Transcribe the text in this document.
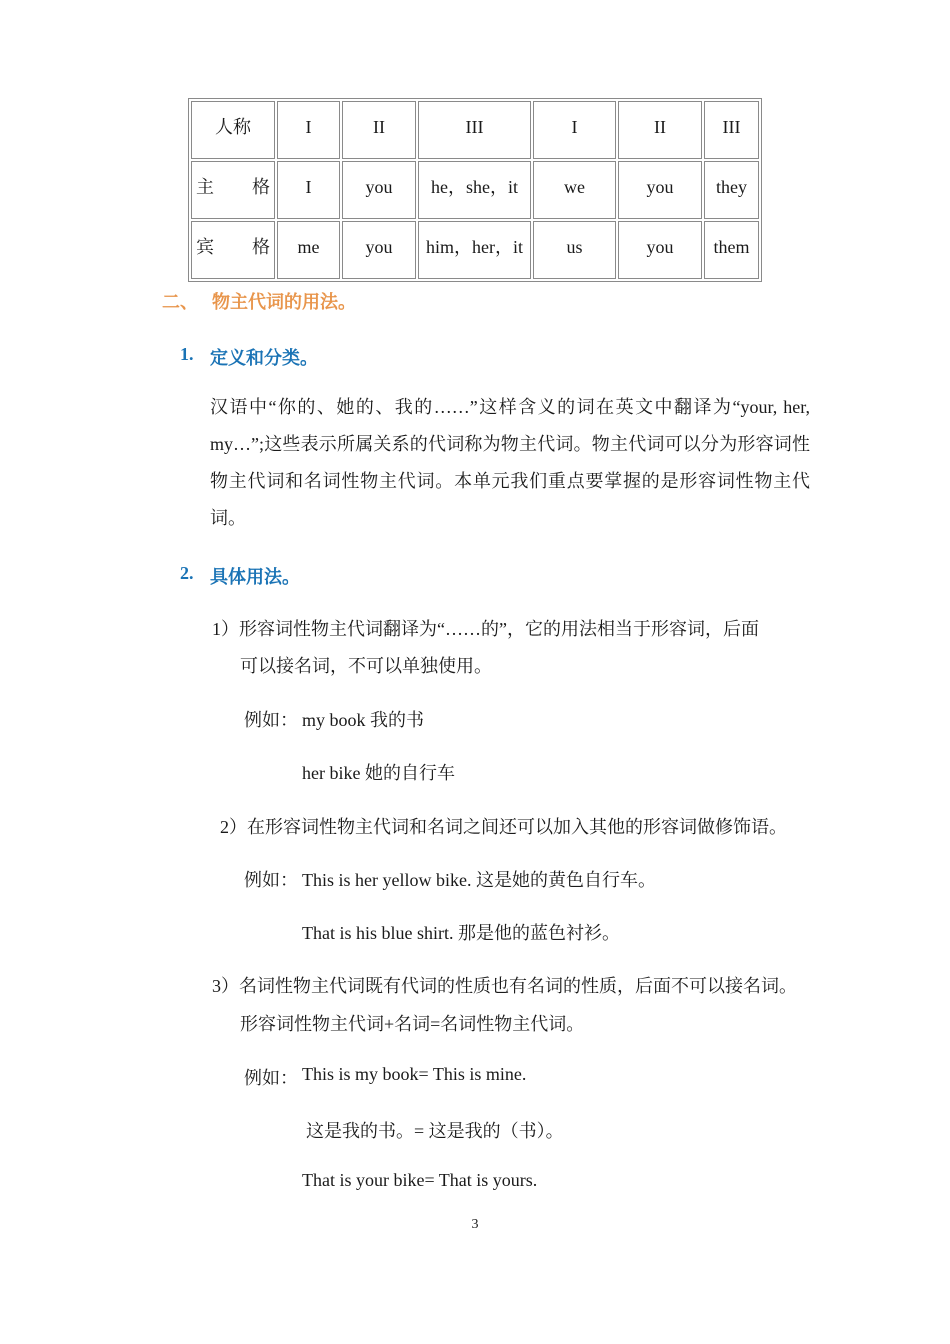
人称	I	II	III	I	II	III

主 格	I	you	he，she，it	we	you	they

宾 格	me	you	him，her，it	us	you	them
二、 物主代词的用法。
1. 定义和分类。
汉语中“你的、她的、我的……”这样含义的词在英文中翻译为“your, her, my…”;这些表示所属关系的代词称为物主代词。物主代词可以分为形容词性物主代词和名词性物主代词。本单元我们重点要掌握的是形容词性物主代词。
2. 具体用法。
1）形容词性物主代词翻译为“……的”，它的用法相当于形容词，后面
可以接名词，不可以单独使用。
例如： my book 我的书
her bike 她的自行车
2）在形容词性物主代词和名词之间还可以加入其他的形容词做修饰语。
例如： This is her yellow bike. 这是她的黄色自行车。
That is his blue shirt. 那是他的蓝色衬衫。
3）名词性物主代词既有代词的性质也有名词的性质，后面不可以接名词。
形容词性物主代词+名词=名词性物主代词。
例如： This is my book= This is mine.
这是我的书。= 这是我的（书）。
That is your bike= That is yours.
3
